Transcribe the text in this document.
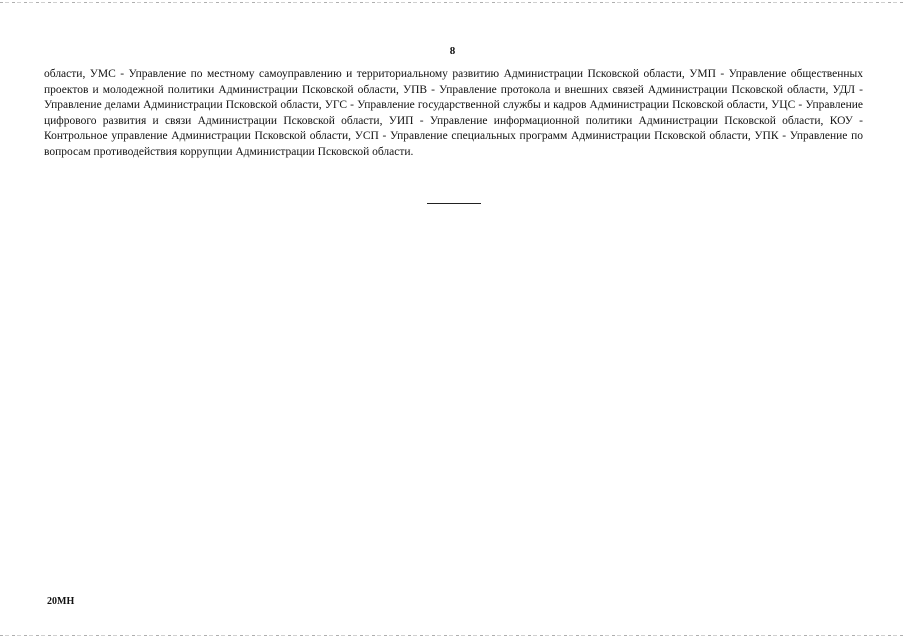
8

области, УМС - Управление по местному самоуправлению и территориальному развитию Администрации Псковской области, УМП - Управление общественных проектов и молодежной политики Администрации Псковской области, УПВ - Управление протокола и внешних связей Администрации Псковской области, УДЛ - Управление делами Администрации Псковской области, УГС - Управление государственной службы и кадров Администрации Псковской области, УЦС - Управление цифрового развития и связи Администрации Псковской области, УИП - Управление информационной политики Администрации Псковской области, КОУ - Контрольное управление Администрации Псковской области, УСП - Управление специальных программ Администрации Псковской области, УПК - Управление по вопросам противодействия коррупции Администрации Псковской области.

20МН
